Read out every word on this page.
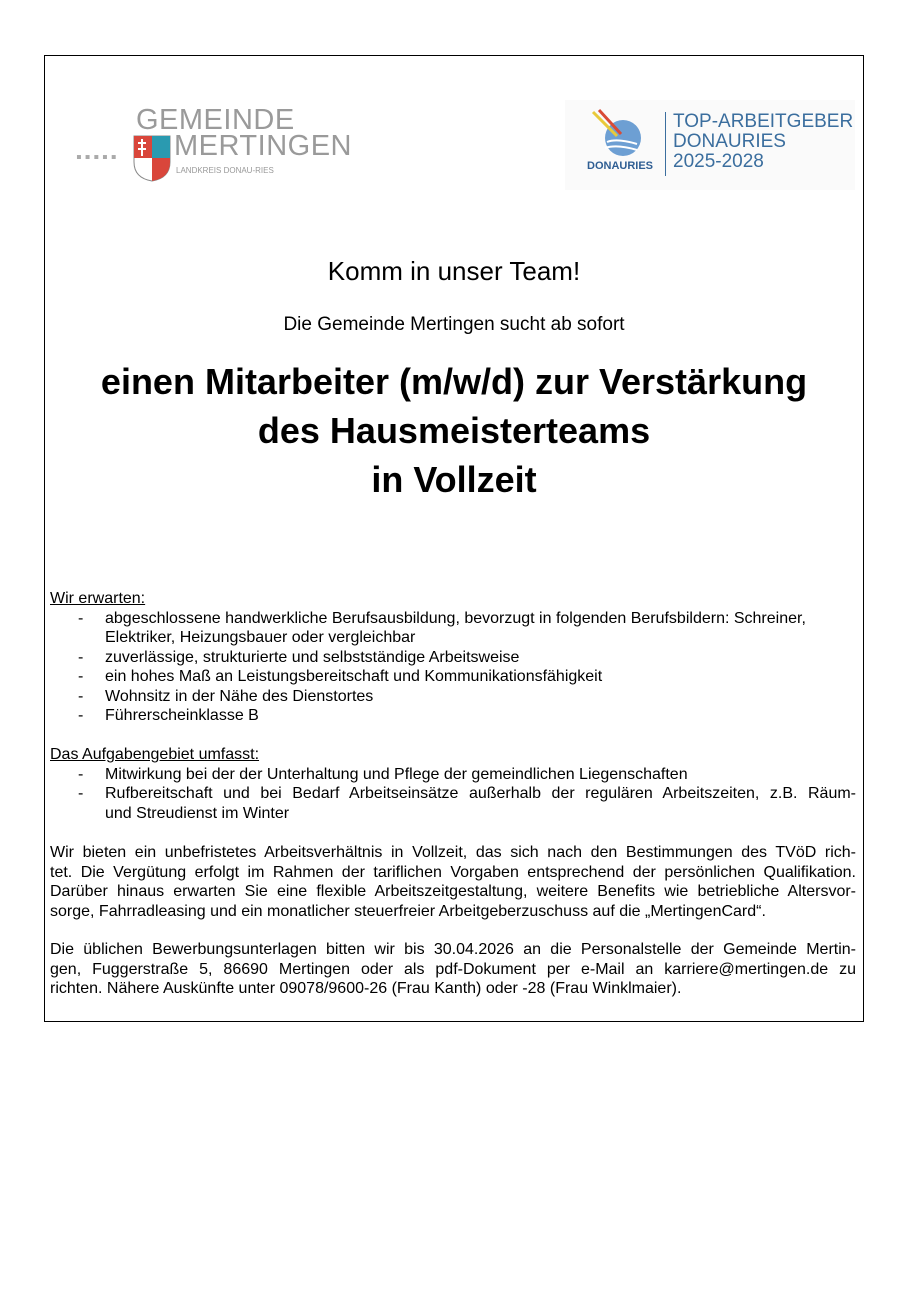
▪▪▪▪▪
GEMEINDE
MERTINGEN
LANDKREIS DONAU-RIES	DONAURIES
TOP-ARBEITGEBER
DONAURIES
2025-2028
Komm in unser Team!
Die Gemeinde Mertingen sucht ab sofort
einen Mitarbeiter (m/w/d) zur Verstärkung
des Hausmeisterteams
in Vollzeit
Wir erwarten:
- abgeschlossene handwerkliche Berufsausbildung, bevorzugt in folgenden Berufsbildern: Schreiner,
Elektriker, Heizungsbauer oder vergleichbar
- zuverlässige, strukturierte und selbstständige Arbeitsweise
- ein hohes Maß an Leistungsbereitschaft und Kommunikationsfähigkeit
- Wohnsitz in der Nähe des Dienstortes
- Führerscheinklasse B
Das Aufgabengebiet umfasst:
- Mitwirkung bei der der Unterhaltung und Pflege der gemeindlichen Liegenschaften
- Rufbereitschaft und bei Bedarf Arbeitseinsätze außerhalb der regulären Arbeitszeiten, z.B. Räum-
und Streudienst im Winter
Wir bieten ein unbefristetes Arbeitsverhältnis in Vollzeit, das sich nach den Bestimmungen des TVöD rich-
tet. Die Vergütung erfolgt im Rahmen der tariflichen Vorgaben entsprechend der persönlichen Qualifikation.
Darüber hinaus erwarten Sie eine flexible Arbeitszeitgestaltung, weitere Benefits wie betriebliche Altersvor-
sorge, Fahrradleasing und ein monatlicher steuerfreier Arbeitgeberzuschuss auf die „MertingenCard“.
Die üblichen Bewerbungsunterlagen bitten wir bis 30.04.2026 an die Personalstelle der Gemeinde Mertin-
gen, Fuggerstraße 5, 86690 Mertingen oder als pdf-Dokument per e-Mail an karriere@mertingen.de zu
richten. Nähere Auskünfte unter 09078/9600-26 (Frau Kanth) oder -28 (Frau Winklmaier).
